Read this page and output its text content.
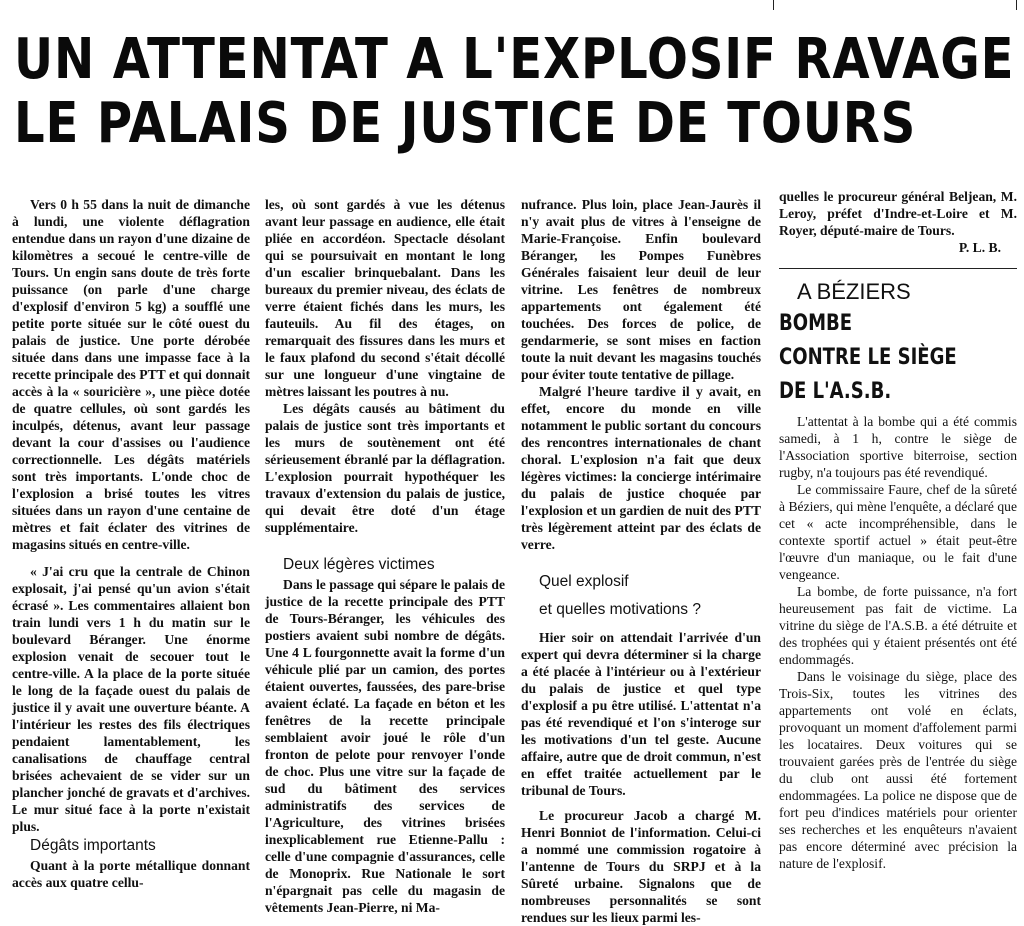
UN ATTENTAT A L'EXPLOSIF RAVAGE
LE PALAIS DE JUSTICE DE TOURS

Vers 0 h 55 dans la nuit de dimanche à lundi, une violente déflagration entendue dans un rayon d'une dizaine de kilomètres a secoué le centre-ville de Tours. Un engin sans doute de très forte puissance (on parle d'une charge d'explosif d'environ 5 kg) a soufflé une petite porte située sur le côté ouest du palais de justice. Une porte dérobée située dans dans une impasse face à la recette principale des PTT et qui donnait accès à la « souricière », une pièce dotée de quatre cellules, où sont gardés les inculpés, détenus, avant leur passage devant la cour d'assises ou l'audience correctionnelle. Les dégâts matériels sont très importants. L'onde choc de l'explosion a brisé toutes les vitres situées dans un rayon d'une centaine de mètres et fait éclater des vitrines de magasins situés en centre-ville.

« J'ai cru que la centrale de Chinon explosait, j'ai pensé qu'un avion s'était écrasé ». Les commentaires allaient bon train lundi vers 1 h du matin sur le boulevard Béranger. Une énorme explosion venait de secouer tout le centre-ville. A la place de la porte située le long de la façade ouest du palais de justice il y avait une ouverture béante. A l'intérieur les restes des fils électriques pendaient lamentablement, les canalisations de chauffage central brisées achevaient de se vider sur un plancher jonché de gravats et d'archives. Le mur situé face à la porte n'existait plus.

Dégâts importants

Quant à la porte métallique donnant accès aux quatre cellu-

les, où sont gardés à vue les détenus avant leur passage en audience, elle était pliée en accordéon. Spectacle désolant qui se poursuivait en montant le long d'un escalier brinquebalant. Dans les bureaux du premier niveau, des éclats de verre étaient fichés dans les murs, les fauteuils. Au fil des étages, on remarquait des fissures dans les murs et le faux plafond du second s'était décollé sur une longueur d'une vingtaine de mètres laissant les poutres à nu.

Les dégâts causés au bâtiment du palais de justice sont très importants et les murs de soutènement ont été sérieusement ébranlé par la déflagration. L'explosion pourrait hypothéquer les travaux d'extension du palais de justice, qui devait être doté d'un étage supplémentaire.

Deux légères victimes

Dans le passage qui sépare le palais de justice de la recette principale des PTT de Tours-Béranger, les véhicules des postiers avaient subi nombre de dégâts. Une 4 L fourgonnette avait la forme d'un véhicule plié par un camion, des portes étaient ouvertes, faussées, des pare-brise avaient éclaté. La façade en béton et les fenêtres de la recette principale semblaient avoir joué le rôle d'un fronton de pelote pour renvoyer l'onde de choc. Plus une vitre sur la façade de sud du bâtiment des services administratifs des services de l'Agriculture, des vitrines brisées inexplicablement rue Etienne-Pallu : celle d'une compagnie d'assurances, celle de Monoprix. Rue Nationale le sort n'épargnait pas celle du magasin de vêtements Jean-Pierre, ni Ma-

nufrance. Plus loin, place Jean-Jaurès il n'y avait plus de vitres à l'enseigne de Marie-Françoise. Enfin boulevard Béranger, les Pompes Funèbres Générales faisaient leur deuil de leur vitrine. Les fenêtres de nombreux appartements ont également été touchées. Des forces de police, de gendarmerie, se sont mises en faction toute la nuit devant les magasins touchés pour éviter toute tentative de pillage.

Malgré l'heure tardive il y avait, en effet, encore du monde en ville notamment le public sortant du concours des rencontres internationales de chant choral. L'explosion n'a fait que deux légères victimes: la concierge intérimaire du palais de justice choquée par l'explosion et un gardien de nuit des PTT très légèrement atteint par des éclats de verre.

Quel explosif
et quelles motivations ?

Hier soir on attendait l'arrivée d'un expert qui devra déterminer si la charge a été placée à l'intérieur ou à l'extérieur du palais de justice et quel type d'explosif a pu être utilisé. L'attentat n'a pas été revendiqué et l'on s'interoge sur les motivations d'un tel geste. Aucune affaire, autre que de droit commun, n'est en effet traitée actuellement par le tribunal de Tours.

Le procureur Jacob a chargé M. Henri Bonniot de l'information. Celui-ci a nommé une commission rogatoire à l'antenne de Tours du SRPJ et à la Sûreté urbaine. Signalons que de nombreuses personnalités se sont rendues sur les lieux parmi les-

quelles le procureur général Beljean, M. Leroy, préfet d'Indre-et-Loire et M. Royer, député-maire de Tours.

P. L. B.

A BÉZIERS

BOMBE
CONTRE LE SIÈGE
DE L'A.S.B.

L'attentat à la bombe qui a été commis samedi, à 1 h, contre le siège de l'Association sportive biterroise, section rugby, n'a toujours pas été revendiqué.

Le commissaire Faure, chef de la sûreté à Béziers, qui mène l'enquête, a déclaré que cet « acte incompréhensible, dans le contexte sportif actuel » était peut-être l'œuvre d'un maniaque, ou le fait d'une vengeance.

La bombe, de forte puissance, n'a fort heureusement pas fait de victime. La vitrine du siège de l'A.S.B. a été détruite et des trophées qui y étaient présentés ont été endommagés.

Dans le voisinage du siège, place des Trois-Six, toutes les vitrines des appartements ont volé en éclats, provoquant un moment d'affolement parmi les locataires. Deux voitures qui se trouvaient garées près de l'entrée du siège du club ont aussi été fortement endommagées. La police ne dispose que de fort peu d'indices matériels pour orienter ses recherches et les enquêteurs n'avaient pas encore déterminé avec précision la nature de l'explosif.
